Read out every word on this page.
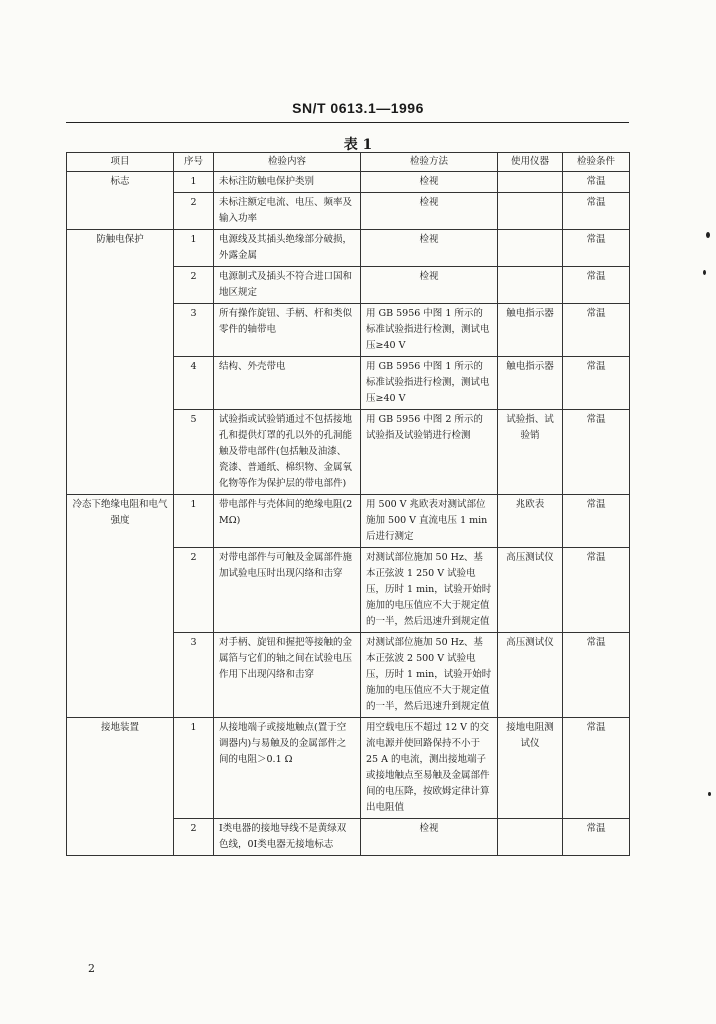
SN/T 0613.1—1996
表 1
项目	序号	检验内容	检验方法	使用仪器	检验条件
标志	1	未标注防触电保护类别	检视		常温
	2	未标注额定电流、电压、频率及输入功率	检视		常温
防触电保护	1	电源线及其插头绝缘部分破损，外露金属	检视		常温
	2	电源制式及插头不符合进口国和地区规定	检视		常温
	3	所有操作旋钮、手柄、杆和类似零件的轴带电	用 GB 5956 中图 1 所示的标准试验指进行检测，测试电压≥40 V	触电指示器	常温
	4	结构、外壳带电	用 GB 5956 中图 1 所示的标准试验指进行检测，测试电压≥40 V	触电指示器	常温
	5	试验指或试验销通过不包括接地孔和提供灯罩的孔以外的孔洞能触及带电部件(包括触及油漆、瓷漆、普通纸、棉织物、金属氧化物等作为保护层的带电部件)	用 GB 5956 中图 2 所示的试验指及试验销进行检测	试验指、试验销	常温
冷态下绝缘电阻和电气强度	1	带电部件与壳体间的绝缘电阻(2 MΩ)	用 500 V 兆欧表对测试部位施加 500 V 直流电压 1 min后进行测定	兆欧表	常温
	2	对带电部件与可触及金属部件施加试验电压时出现闪络和击穿	对测试部位施加 50 Hz、基本正弦波 1 250 V 试验电压，历时 1 min，试验开始时施加的电压值应不大于规定值的一半，然后迅速升到规定值	高压测试仪	常温
	3	对手柄、旋钮和握把等接触的金属箔与它们的轴之间在试验电压作用下出现闪络和击穿	对测试部位施加 50 Hz、基本正弦波 2 500 V 试验电压，历时 1 min，试验开始时施加的电压值应不大于规定值的一半，然后迅速升到规定值	高压测试仪	常温
接地装置	1	从接地端子或接地触点(置于空调器内)与易触及的金属部件之间的电阻＞0.1 Ω	用空载电压不超过 12 V 的交流电源并使回路保持不小于 25 A 的电流，测出接地端子或接地触点至易触及金属部件间的电压降，按欧姆定律计算出电阻值	接地电阻测试仪	常温
	2	Ⅰ类电器的接地导线不是黄绿双色线，0Ⅰ类电器无接地标志	检视		常温
2
